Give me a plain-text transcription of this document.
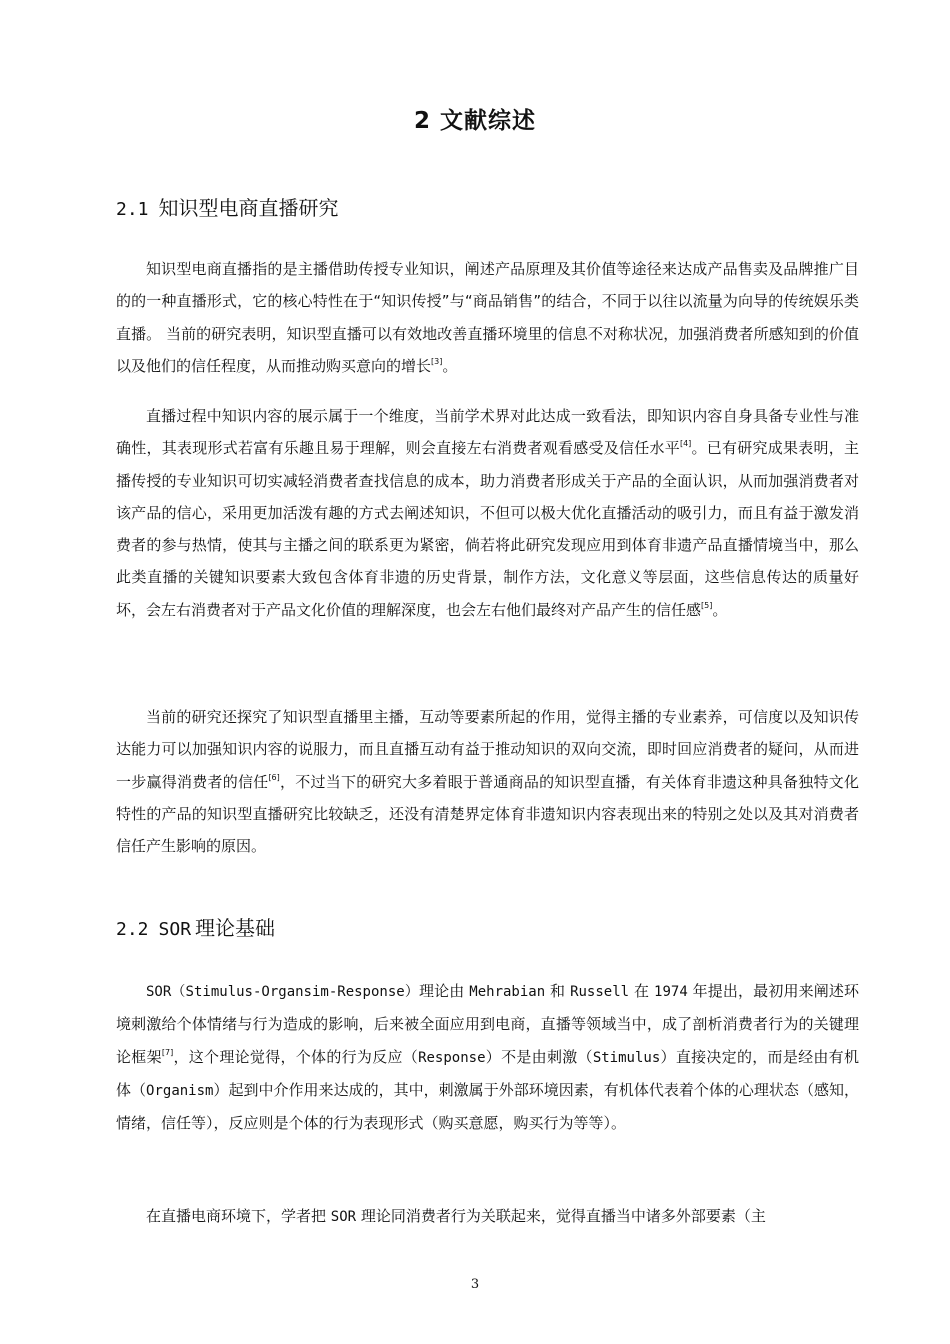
2 文献综述
2.1 知识型电商直播研究

知识型电商直播指的是主播借助传授专业知识，阐述产品原理及其价值等途径来达成产品售卖及品牌推广目的的一种直播形式，它的核心特性在于“知识传授”与“商品销售”的结合，不同于以往以流量为向导的传统娱乐类直播。 当前的研究表明，知识型直播可以有效地改善直播环境里的信息不对称状况，加强消费者所感知到的价值以及他们的信任程度，从而推动购买意向的增长[3]。

直播过程中知识内容的展示属于一个维度，当前学术界对此达成一致看法，即知识内容自身具备专业性与准确性，其表现形式若富有乐趣且易于理解，则会直接左右消费者观看感受及信任水平[4]。已有研究成果表明，主播传授的专业知识可切实减轻消费者查找信息的成本，助力消费者形成关于产品的全面认识，从而加强消费者对该产品的信心，采用更加活泼有趣的方式去阐述知识，不但可以极大优化直播活动的吸引力，而且有益于激发消费者的参与热情，使其与主播之间的联系更为紧密，倘若将此研究发现应用到体育非遗产品直播情境当中，那么此类直播的关键知识要素大致包含体育非遗的历史背景，制作方法，文化意义等层面，这些信息传达的质量好坏，会左右消费者对于产品文化价值的理解深度，也会左右他们最终对产品产生的信任感[5]。

当前的研究还探究了知识型直播里主播，互动等要素所起的作用，觉得主播的专业素养，可信度以及知识传达能力可以加强知识内容的说服力，而且直播互动有益于推动知识的双向交流，即时回应消费者的疑问，从而进一步赢得消费者的信任[6]，不过当下的研究大多着眼于普通商品的知识型直播，有关体育非遗这种具备独特文化特性的产品的知识型直播研究比较缺乏，还没有清楚界定体育非遗知识内容表现出来的特别之处以及其对消费者信任产生影响的原因。

2.2 SOR 理论基础

SOR（Stimulus-Organsim-Response）理论由 Mehrabian 和 Russell 在 1974 年提出，最初用来阐述环境刺激给个体情绪与行为造成的影响，后来被全面应用到电商，直播等领域当中，成了剖析消费者行为的关键理论框架[7]，这个理论觉得，个体的行为反应（Response）不是由刺激（Stimulus）直接决定的，而是经由有机体（Organism）起到中介作用来达成的，其中，刺激属于外部环境因素，有机体代表着个体的心理状态（感知，情绪，信任等），反应则是个体的行为表现形式（购买意愿，购买行为等等）。

在直播电商环境下，学者把 SOR 理论同消费者行为关联起来，觉得直播当中诸多外部要素（主

3
